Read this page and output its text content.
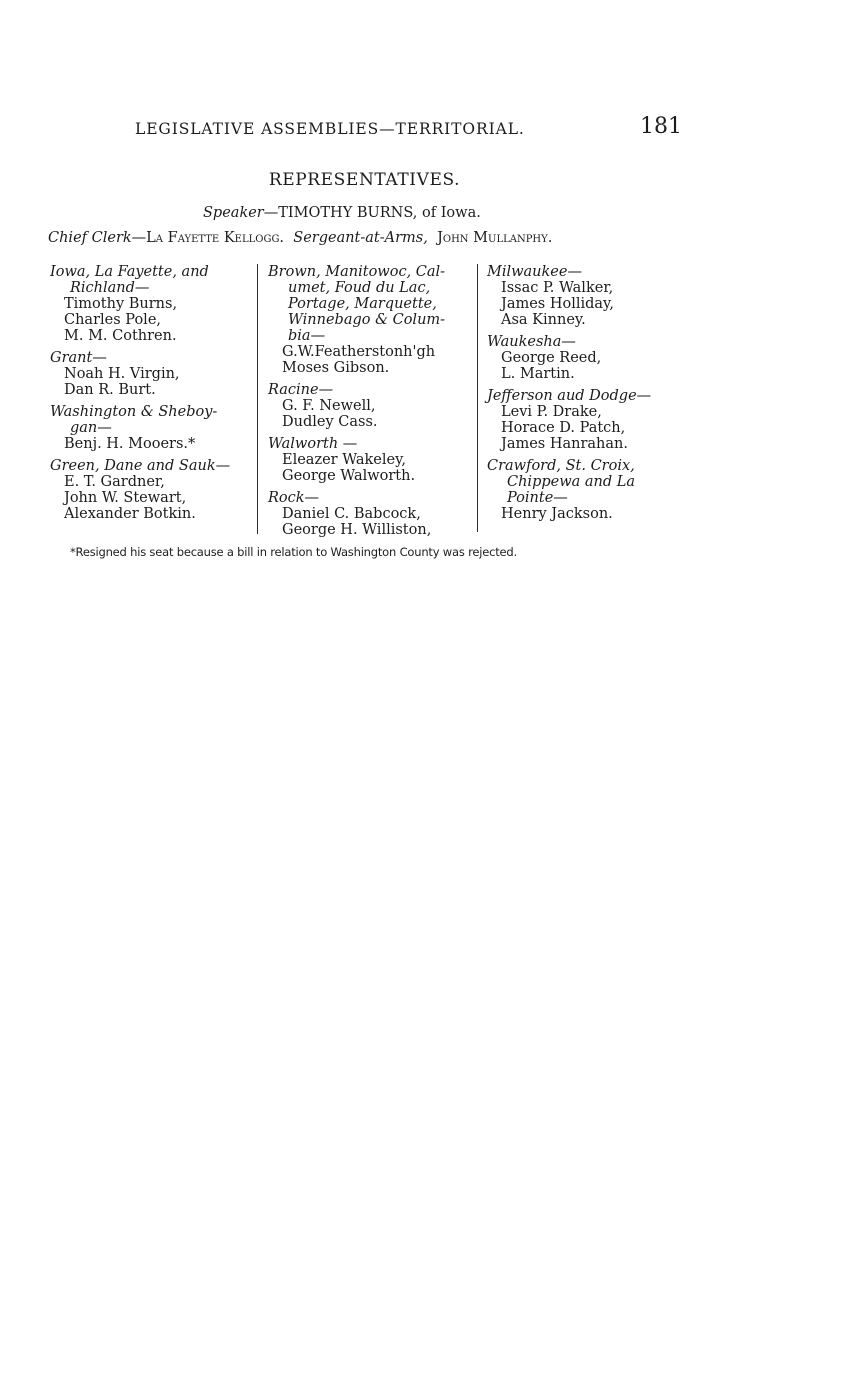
LEGISLATIVE ASSEMBLIES—TERRITORIAL.	181
REPRESENTATIVES.
Speaker—TIMOTHY BURNS, of Iowa.
Chief Clerk—La Fayette Kellogg. Sergeant-at-Arms, John Mullanphy.
Iowa, La Fayette, and
Richland—
Timothy Burns,
Charles Pole,
M. M. Cothren.
Grant—
Noah H. Virgin,
Dan R. Burt.
Washington & Sheboy-
gan—
Benj. H. Mooers.*
Green, Dane and Sauk—
E. T. Gardner,
John W. Stewart,
Alexander Botkin.
Brown, Manitowoc, Cal-
umet, Foud du Lac,
Portage, Marquette,
Winnebago & Colum-
bia—
G.W.Featherstonh'gh
Moses Gibson.
Racine—
G. F. Newell,
Dudley Cass.
Walworth —
Eleazer Wakeley,
George Walworth.
Rock—
Daniel C. Babcock,
George H. Williston,
Milwaukee—
Issac P. Walker,
James Holliday,
Asa Kinney.
Waukesha—
George Reed,
L. Martin.
Jefferson aud Dodge—
Levi P. Drake,
Horace D. Patch,
James Hanrahan.
Crawford, St. Croix,
Chippewa and La
Pointe—
Henry Jackson.
*Resigned his seat because a bill in relation to Washington County was rejected.
